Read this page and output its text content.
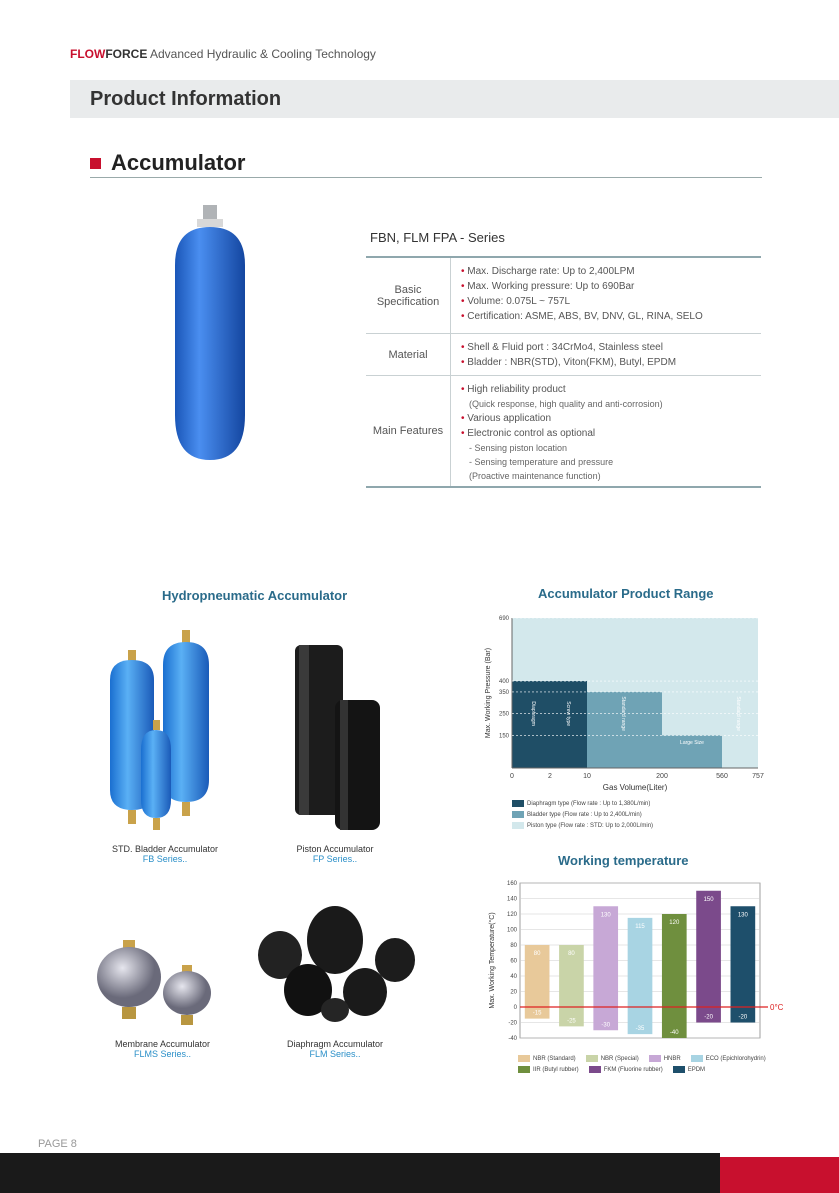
FLOWFORCE Advanced Hydraulic & Cooling Technology
Product Information
Accumulator
FBN, FLM FPA - Series
Basic Specification
• Max. Discharge rate: Up to 2,400LPM
• Max. Working pressure: Up to 690Bar
• Volume: 0.075L ~ 757L
• Certification: ASME, ABS, BV, DNV, GL, RINA, SELO
Material
• Shell & Fluid port : 34CrMo4, Stainless steel
• Bladder : NBR(STD), Viton(FKM), Butyl, EPDM
Main Features
• High reliability product
(Quick response, high quality and anti-corrosion)
• Various application
• Electronic control as optional
- Sensing piston location
- Sensing temperature and pressure
(Proactive maintenance function)
Hydropneumatic Accumulator
STD. Bladder Accumulator
FB Series..
Piston Accumulator
FP Series..
Membrane Accumulator
FLMS Series..
Diaphragm Accumulator
FLM Series..
Accumulator Product Range
0	2	10	200	560	757
690
400
350
250
150
Gas Volume(Liter)
Max. Working Pressure (Bar)	Diaphragm	Screw type	Standard range
Large Size
Standard range
Diaphragm type (Flow rate : Up to 1,380L/min)
Bladder type (Flow rate : Up to 2,400L/min)
Piston type (Flow rate : STD: Up to 2,000L/min)
Working temperature
160
140
120
100
80
60
40
20
0
-20
-40
80
-15
80
-25
130
-30
115
-35
120
-40
150
-20
130
-20
0°C
Max. Working Temperature(°C)
NBR (Standard)	NBR (Special)	HNBR	ECO (Epichlorohydrin)
IIR (Butyl rubber)	FKM (Fluorine rubber)	EPDM
PAGE 8
